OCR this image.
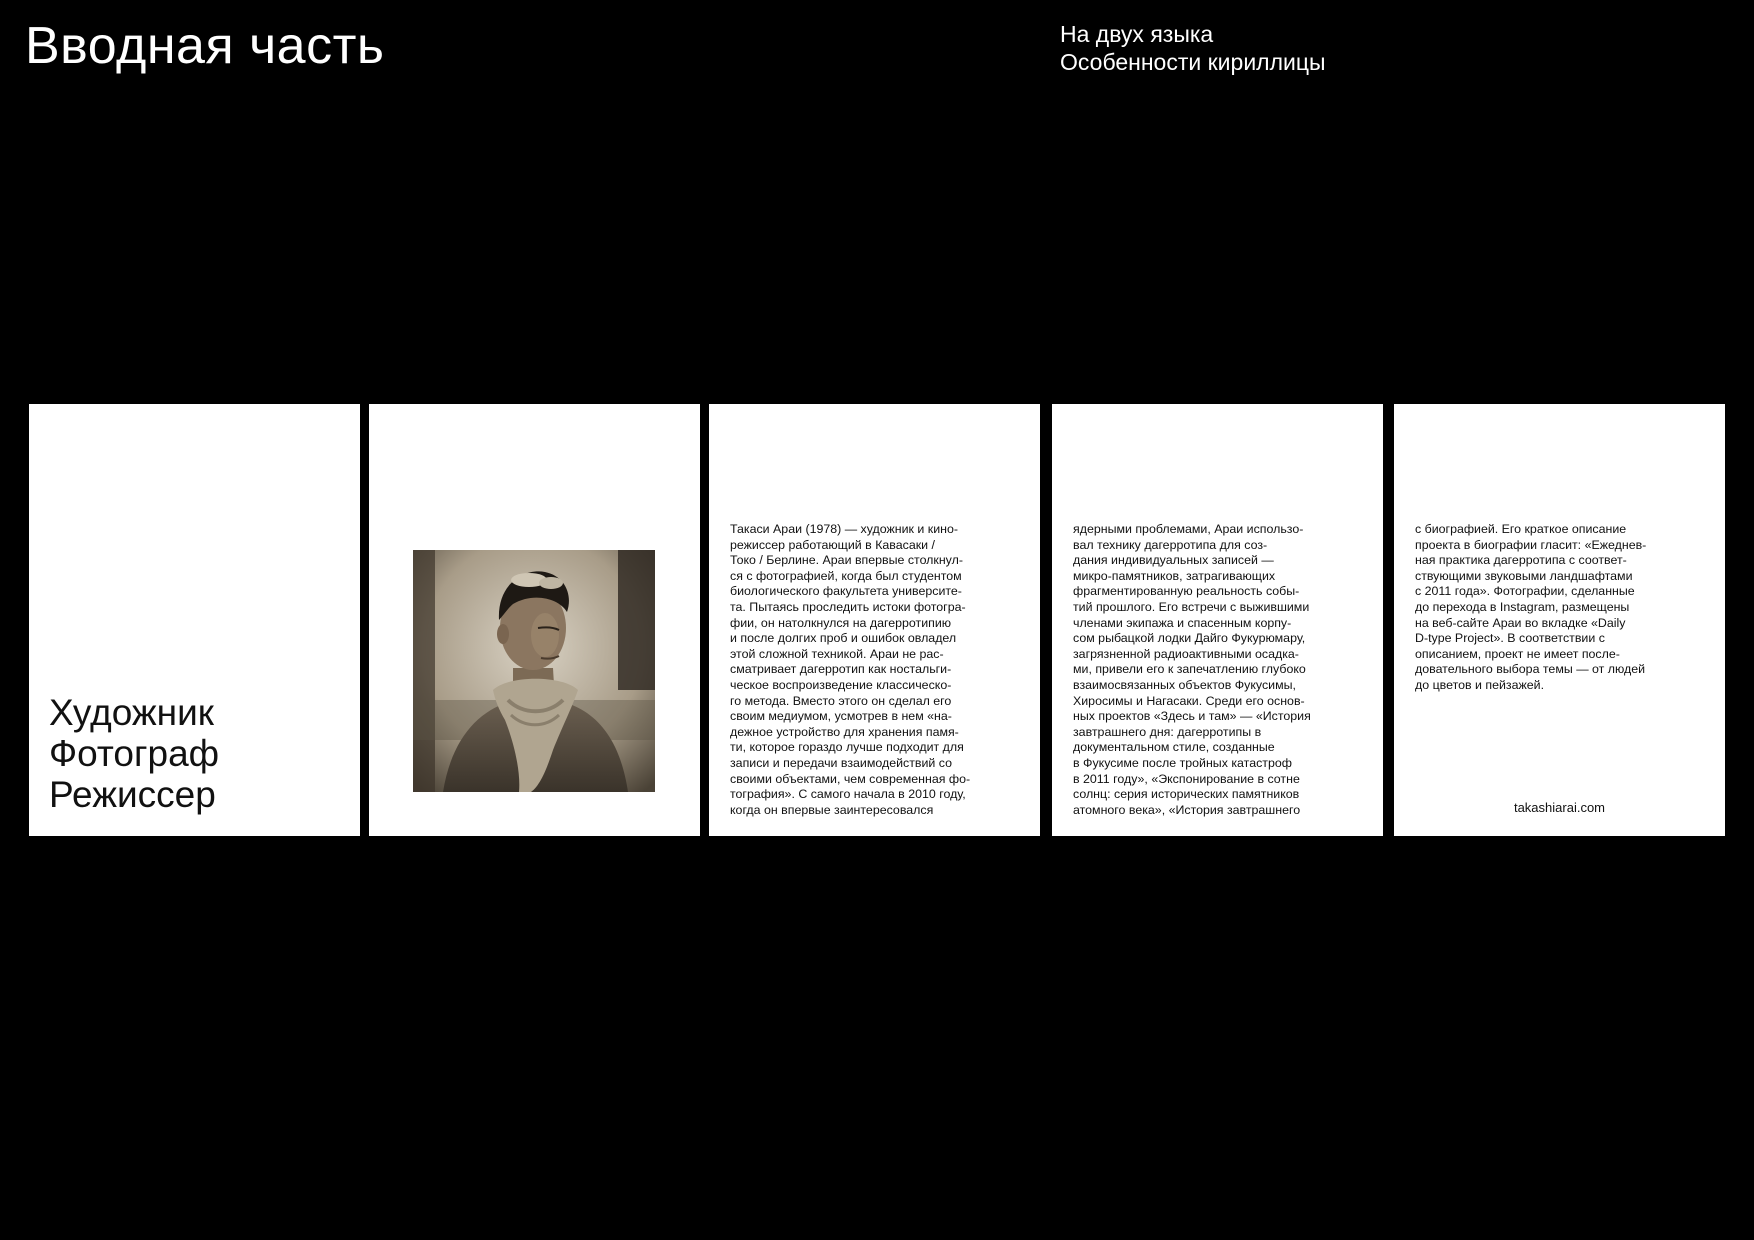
Вводная часть	На двух языка
Особенности кириллицы
Художник
Фотограф
Режиссер
Такаси Араи (1978) — художник и кино-
режиссер работающий в Кавасаки /
Токо / Берлине. Араи впервые столкнул-
ся с фотографией, когда был студентом
биологического факультета университе-
та. Пытаясь проследить истоки фотогра-
фии, он натолкнулся на дагерротипию
и после долгих проб и ошибок овладел
этой сложной техникой. Араи не рас-
сматривает дагерротип как ностальги-
ческое воспроизведение классическо-
го метода. Вместо этого он сделал его
своим медиумом, усмотрев в нем «на-
дежное устройство для хранения памя-
ти, которое гораздо лучше подходит для
записи и передачи взаимодействий со
своими объектами, чем современная фо-
тография». С самого начала в 2010 году,
когда он впервые заинтересовался
ядерными проблемами, Араи использо-
вал технику дагерротипа для соз-
дания индивидуальных записей —
микро-памятников, затрагивающих
фрагментированную реальность собы-
тий прошлого. Его встречи с выжившими
членами экипажа и спасенным корпу-
сом рыбацкой лодки Дайго Фукурюмару,
загрязненной радиоактивными осадка-
ми, привели его к запечатлению глубоко
взаимосвязанных объектов Фукусимы,
Хиросимы и Нагасаки. Среди его основ-
ных проектов «Здесь и там» — «История
завтрашнего дня: дагерротипы в
документальном стиле, созданные
в Фукусиме после тройных катастроф
в 2011 году», «Экспонирование в сотне
солнц: серия исторических памятников
атомного века», «История завтрашнего
с биографией. Его краткое описание
проекта в биографии гласит: «Ежеднев-
ная практика дагерротипа с соответ-
ствующими звуковыми ландшафтами
с 2011 года». Фотографии, сделанные
до перехода в Instagram, размещены
на веб-сайте Араи во вкладке «Daily
D-type Project». В соответствии с
описанием, проект не имеет после-
довательного выбора темы — от людей
до цветов и пейзажей.
takashiarai.com
